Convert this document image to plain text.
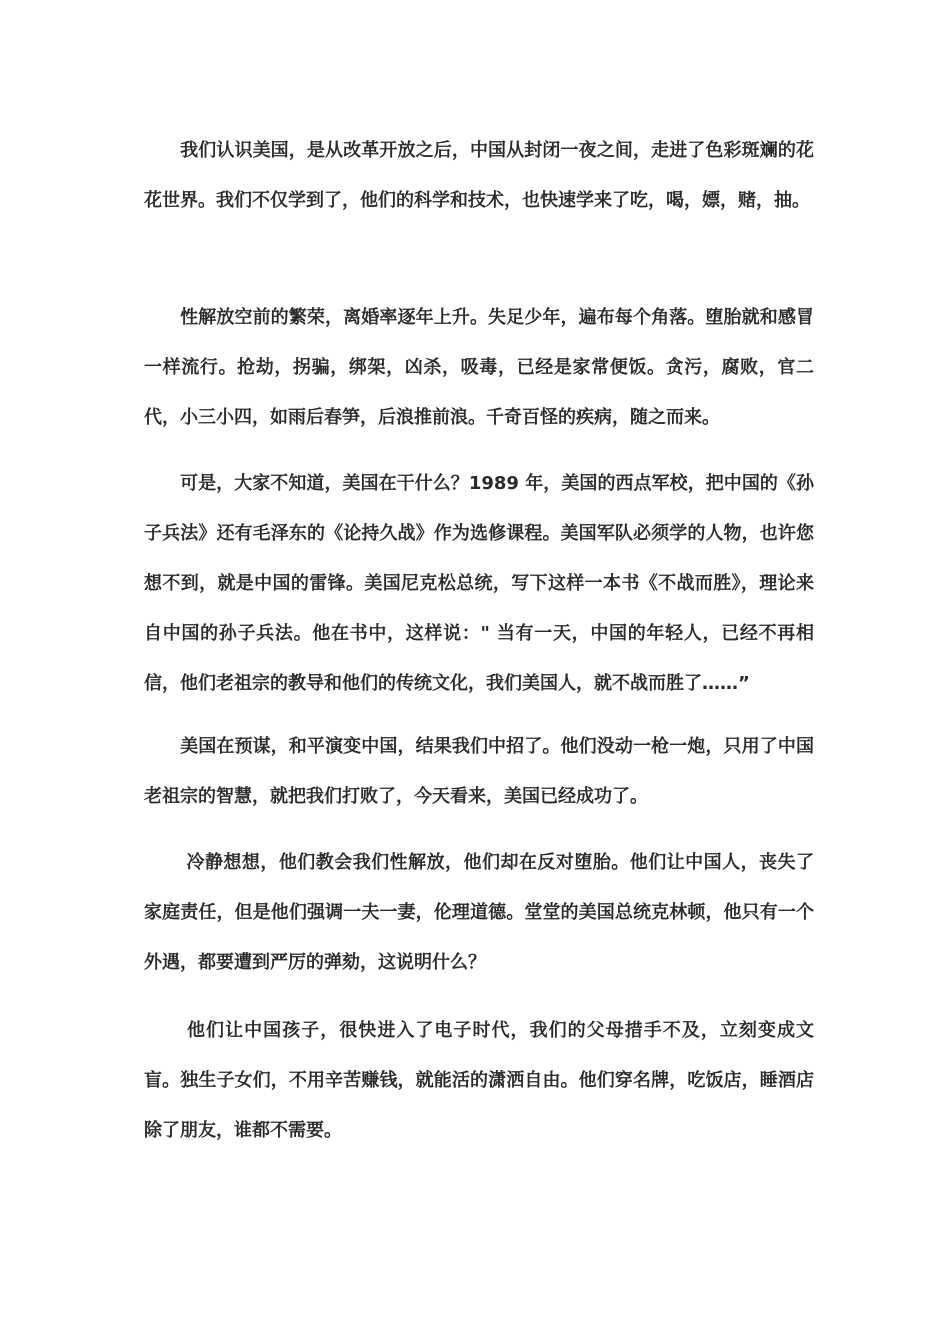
我们认识美国，是从改革开放之后，中国从封闭一夜之间，走进了色彩斑斓的花花世界。我们不仅学到了，他们的科学和技术，也快速学来了吃，喝，嫖，赌，抽。

性解放空前的繁荣，离婚率逐年上升。失足少年，遍布每个角落。堕胎就和感冒一样流行。抢劫，拐骗，绑架，凶杀，吸毒，已经是家常便饭。贪污，腐败，官二代，小三小四，如雨后春笋，后浪推前浪。千奇百怪的疾病，随之而来。

可是，大家不知道，美国在干什么？1989 年，美国的西点军校，把中国的《孙子兵法》还有毛泽东的《论持久战》作为选修课程。美国军队必须学的人物，也许您想不到，就是中国的雷锋。美国尼克松总统，写下这样一本书《不战而胜》，理论来自中国的孙子兵法。他在书中，这样说：" 当有一天，中国的年轻人，已经不再相信，他们老祖宗的教导和他们的传统文化，我们美国人，就不战而胜了……”

美国在预谋，和平演变中国，结果我们中招了。他们没动一枪一炮，只用了中国老祖宗的智慧，就把我们打败了，今天看来，美国已经成功了。

冷静想想，他们教会我们性解放，他们却在反对堕胎。他们让中国人，丧失了家庭责任，但是他们强调一夫一妻，伦理道德。堂堂的美国总统克林顿，他只有一个外遇，都要遭到严厉的弹劾，这说明什么？

他们让中国孩子，很快进入了电子时代，我们的父母措手不及，立刻变成文盲。独生子女们，不用辛苦赚钱，就能活的潇洒自由。他们穿名牌，吃饭店，睡酒店除了朋友，谁都不需要。
